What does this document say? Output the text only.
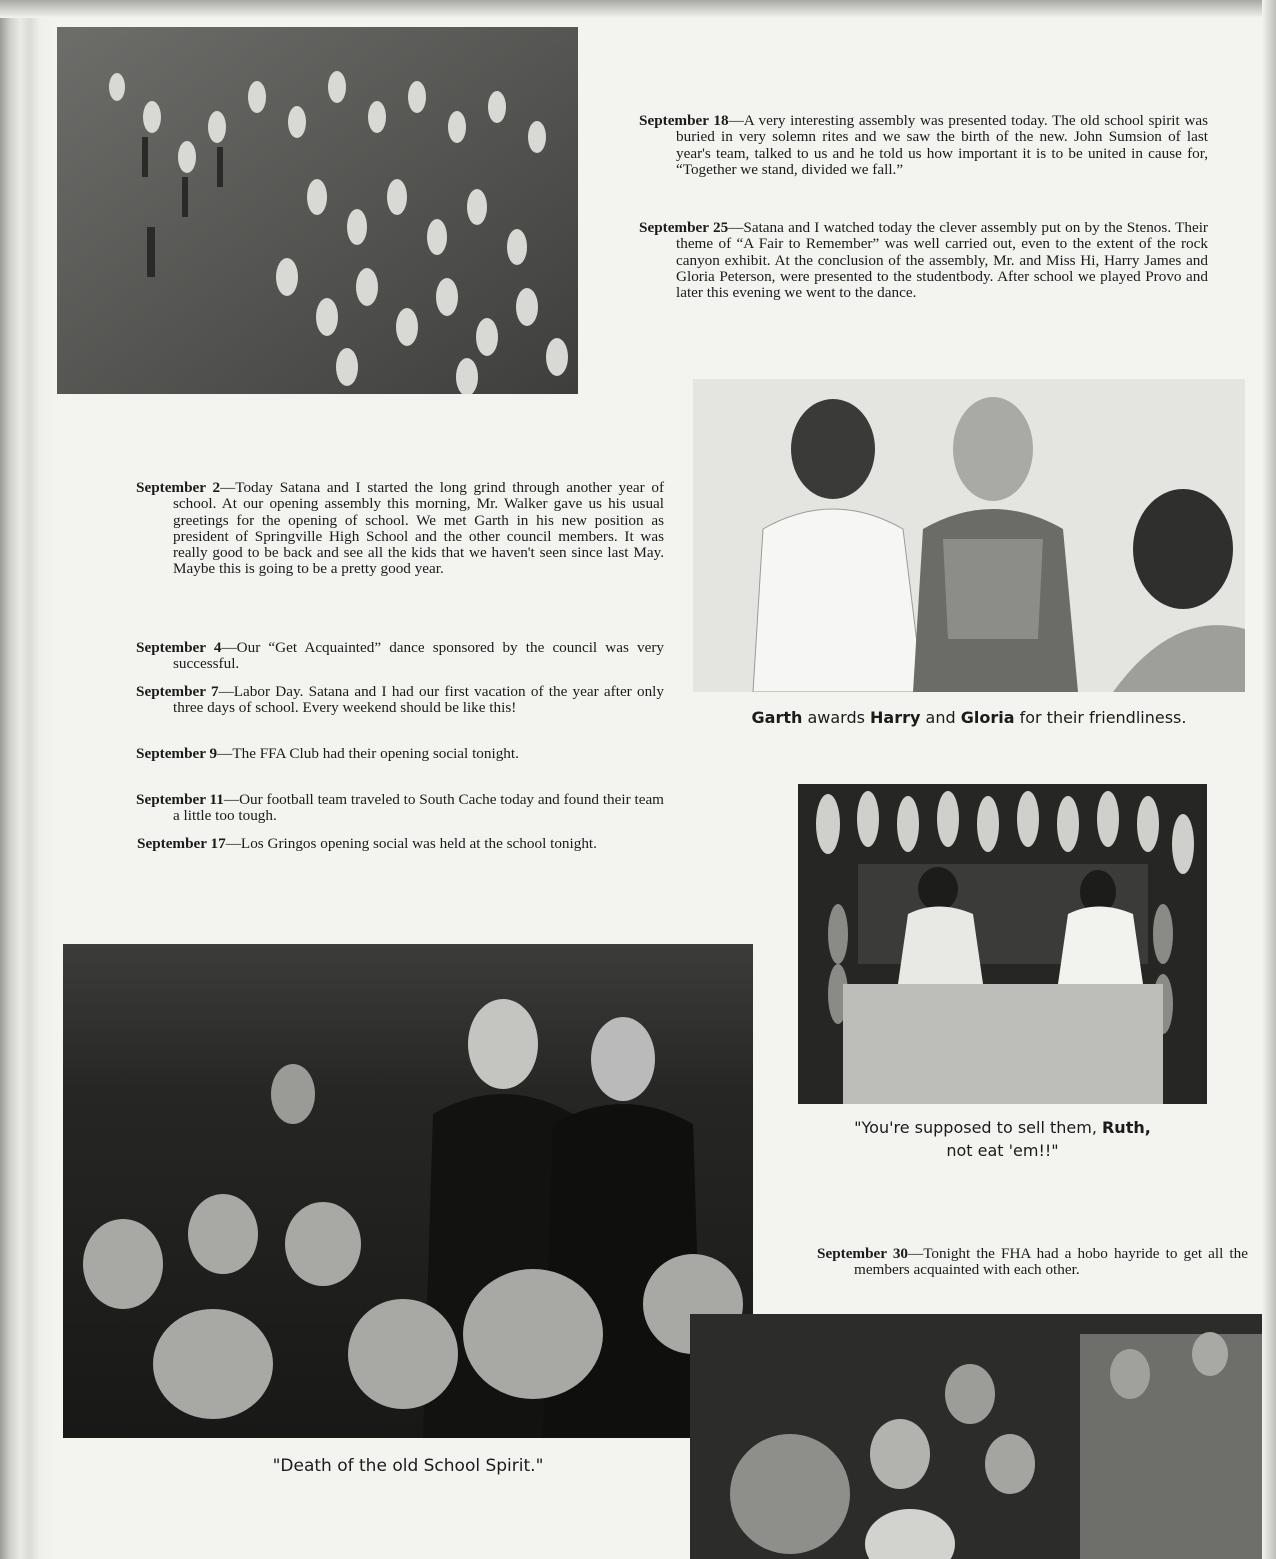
September 18—A very interesting assembly was presented today. The old school spirit was buried in very solemn rites and we saw the birth of the new. John Sumsion of last year's team, talked to us and he told us how important it is to be united in cause for, “Together we stand, divided we fall.”
September 25—Satana and I watched today the clever assembly put on by the Stenos. Their theme of “A Fair to Remember” was well carried out, even to the extent of the rock canyon exhibit. At the conclusion of the assembly, Mr. and Miss Hi, Harry James and Gloria Peterson, were presented to the studentbody. After school we played Provo and later this evening we went to the dance.
Garth awards Harry and Gloria for their friendliness.
September 2—Today Satana and I started the long grind through another year of school. At our opening assembly this morning, Mr. Walker gave us his usual greetings for the opening of school. We met Garth in his new position as president of Springville High School and the other council members. It was really good to be back and see all the kids that we haven't seen since last May. Maybe this is going to be a pretty good year.
September 4—Our “Get Acquainted” dance sponsored by the council was very successful.
September 7—Labor Day. Satana and I had our first vacation of the year after only three days of school. Every weekend should be like this!
September 9—The FFA Club had their opening social tonight.
September 11—Our football team traveled to South Cache today and found their team a little too tough.
September 17—Los Gringos opening social was held at the school tonight.
"You're supposed to sell them, Ruth,
not eat 'em!!"
"Death of the old School Spirit."
September 30—Tonight the FHA had a hobo hayride to get all the members acquainted with each other.
